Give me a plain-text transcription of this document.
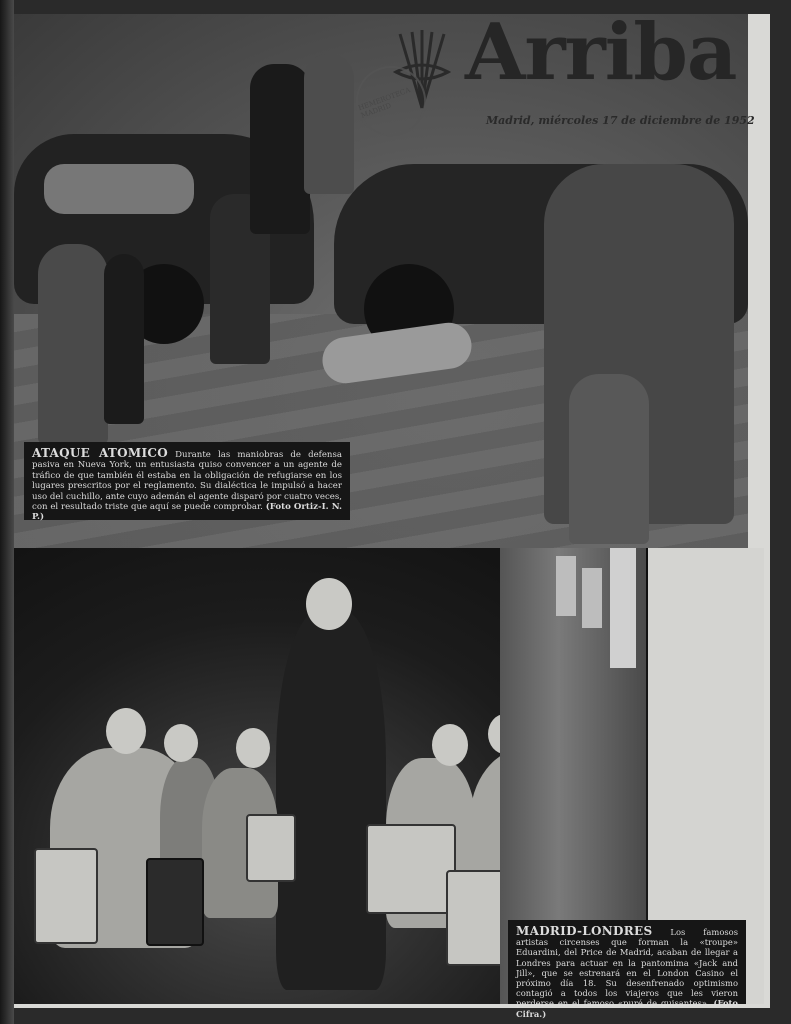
HEMEROTECA MADRID
Arriba
Madrid, miércoles 17 de diciembre de 1952
ATAQUE ATOMICO Durante las maniobras de defensa pasiva en Nueva York, un entusiasta quiso convencer a un agente de tráfico de que también él estaba en la obligación de refugiarse en los lugares prescritos por el reglamento. Su dialéctica le impulsó a hacer uso del cuchillo, ante cuyo ademán el agente disparó por cuatro veces, con el resultado triste que aquí se puede comprobar. (Foto Ortiz-I. N. P.)
MADRID-LONDRES Los famosos artistas circenses que forman la «troupe» Eduardini, del Price de Madrid, acaban de llegar a Londres para actuar en la pantomima «Jack and Jill», que se estrenará en el London Casino el próximo día 18. Su desenfrenado optimismo contagió a todos los viajeros que les vieron perderse en el famoso «puré de guisantes». (Foto Cifra.)
